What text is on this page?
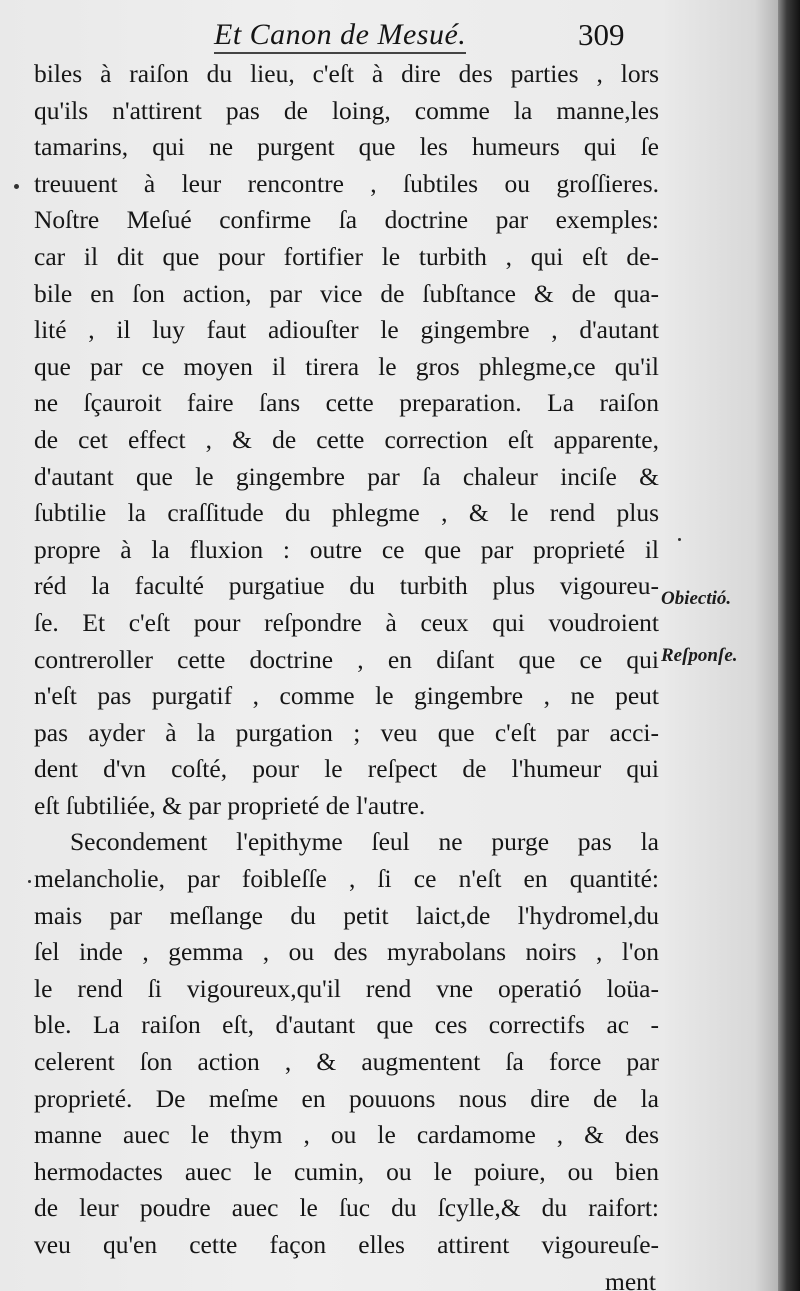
Et Canon de Mesué.	309
biles à raiſon du lieu, c'eſt à dire des parties , lors
qu'ils n'attirent pas de loing, comme la manne,les
tamarins, qui ne purgent que les humeurs qui ſe
treuuent à leur rencontre , ſubtiles ou groſſieres.
Noſtre Meſué confirme ſa doctrine par exemples:
car il dit que pour fortifier le turbith , qui eſt de-
bile en ſon action, par vice de ſubſtance & de qua-
lité , il luy faut adiouſter le gingembre , d'autant
que par ce moyen il tirera le gros phlegme,ce qu'il
ne ſçauroit faire ſans cette preparation. La raiſon
de cet effect , & de cette correction eſt apparente,
d'autant que le gingembre par ſa chaleur inciſe &
ſubtilie la craſſitude du phlegme , & le rend plus
propre à la fluxion : outre ce que par proprieté il
réd la faculté purgatiue du turbith plus vigoureu-
ſe. Et c'eſt pour reſpondre à ceux qui voudroient
contreroller cette doctrine , en diſant que ce qui
n'eſt pas purgatif , comme le gingembre , ne peut
pas ayder à la purgation ; veu que c'eſt par acci-
dent d'vn coſté, pour le reſpect de l'humeur qui
eſt ſubtiliée, & par proprieté de l'autre.
Secondement l'epithyme ſeul ne purge pas la
melancholie, par foibleſſe , ſi ce n'eſt en quantité:
mais par meſlange du petit laict,de l'hydromel,du
ſel inde , gemma , ou des myrabolans noirs , l'on
le rend ſi vigoureux,qu'il rend vne operatió loüa-
ble. La raiſon eſt, d'autant que ces correctifs ac -
celerent ſon action , & augmentent ſa force par
proprieté. De meſme en pouuons nous dire de la
manne auec le thym , ou le cardamome , & des
hermodactes auec le cumin, ou le poiure, ou bien
de leur poudre auec le ſuc du ſcylle,& du raifort:
veu qu'en cette façon elles attirent vigoureuſe-
ment
Obiectió.
Reſponſe.
